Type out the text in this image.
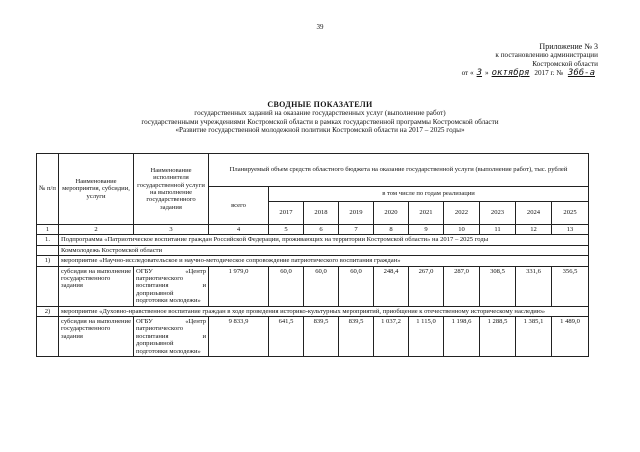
39
Приложение № 3
к постановлению администрации
Костромской области
от « 3 » октября 2017 г. № 366-а
СВОДНЫЕ ПОКАЗАТЕЛИ
государственных заданий на оказание государственных услуг (выполнение работ)
государственными учреждениями Костромской области в рамках государственной программы Костромской области
«Развитие государственной молодежной политики Костромской области на 2017 – 2025 годы»
№ п/п	Наименование мероприятия, субсидии, услуги	Наименование исполнителя государственной услуги на выполнение государственного задания	Планируемый объем средств областного бюджета на оказание государственной услуги (выполнение работ), тыс. рублей									
			всего	в том числе по годам реализации								
				2017	2018	2019	2020	2021	2022	2023	2024	2025
1	2	3	4	5	6	7	8	9	10	11	12	13
1.	Подпрограмма «Патриотическое воспитание граждан Российской Федерации, проживающих на территории Костромской области» на 2017 – 2025 годы											
	Коммолодежь Костромской области											
1)	мероприятие «Научно-исследовательское и научно-методическое сопровождение патриотического воспитания граждан»											
	субсидия на выполнение государственного задания	ОГБУ «Центр патриотического воспитания и допризывной подготовки молодежи»	1 979,0	60,0	60,0	60,0	248,4	267,0	287,0	308,5	331,6	356,5
2)	мероприятие «Духовно-нравственное воспитание граждан в ходе проведения историко-культурных мероприятий, приобщение к отечественному историческому наследию»											
	субсидия на выполнение государственного задания	ОГБУ «Центр патриотического воспитания и допризывной подготовки молодежи»	9 833,9	641,5	839,5	839,5	1 037,2	1 115,0	1 198,6	1 288,5	1 385,1	1 489,0
